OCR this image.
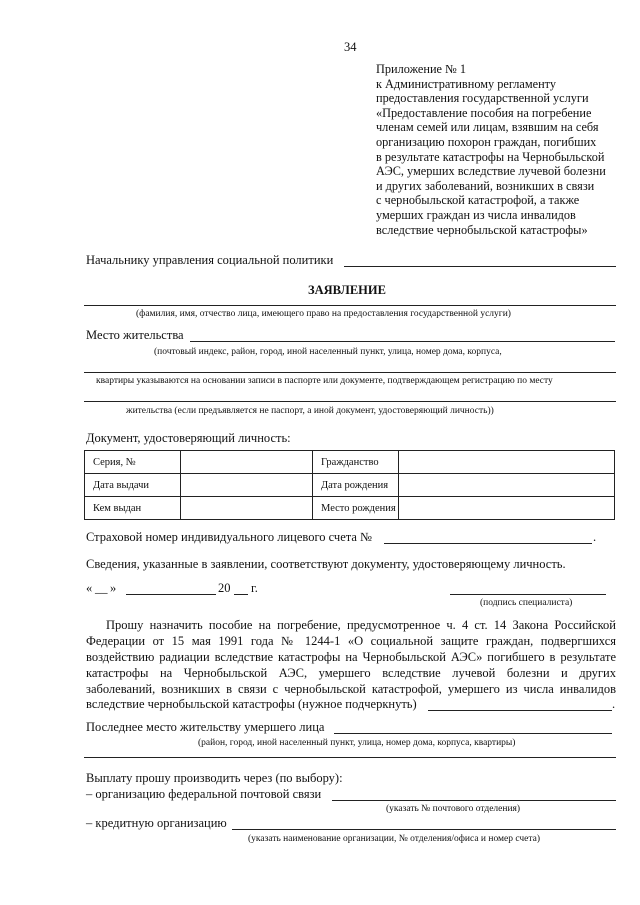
34
Приложение № 1
к Административному регламенту
предоставления государственной услуги
«Предоставление пособия на погребение
членам семей или лицам, взявшим на себя
организацию похорон граждан, погибших
в результате катастрофы на Чернобыльской
АЭС, умерших вследствие лучевой болезни
и других заболеваний, возникших в связи
с чернобыльской катастрофой, а также
умерших граждан из числа инвалидов
вследствие чернобыльской катастрофы»
Начальнику управления социальной политики
ЗАЯВЛЕНИЕ
(фамилия, имя, отчество лица, имеющего право на предоставления государственной услуги)
Место жительства
(почтовый индекс, район, город, иной населенный пункт, улица, номер дома, корпуса,
квартиры указываются на основании записи в паспорте или документе, подтверждающем регистрацию по месту
жительства (если предъявляется не паспорт, а иной документ, удостоверяющий личность))
Документ, удостоверяющий личность:
Серия, №		Гражданство	
Дата выдачи		Дата рождения	
Кем выдан		Место рождения	
Страховой номер индивидуального лицевого счета №	.
Сведения, указанные в заявлении, соответствуют документу, удостоверяющему личность.
« __ »	20 г.
(подпись специалиста)
Прошу назначить пособие на погребение, предусмотренное ч. 4 ст. 14 Закона Российской
Федерации от 15 мая 1991 года № 1244-1 «О социальной защите граждан, подвергшихся
воздействию радиации вследствие катастрофы на Чернобыльской АЭС» погибшего в результате
катастрофы на Чернобыльской АЭС, умершего вследствие лучевой болезни и других
заболеваний, возникших в связи с чернобыльской катастрофой, умершего из числа инвалидов
вследствие чернобыльской катастрофы (нужное подчеркнуть)	.
Последнее место жительству умершего лица
(район, город, иной населенный пункт, улица, номер дома, корпуса, квартиры)
Выплату прошу производить через (по выбору):
– организацию федеральной почтовой связи
(указать № почтового отделения)
– кредитную организацию
(указать наименование организации, № отделения/офиса и номер счета)
